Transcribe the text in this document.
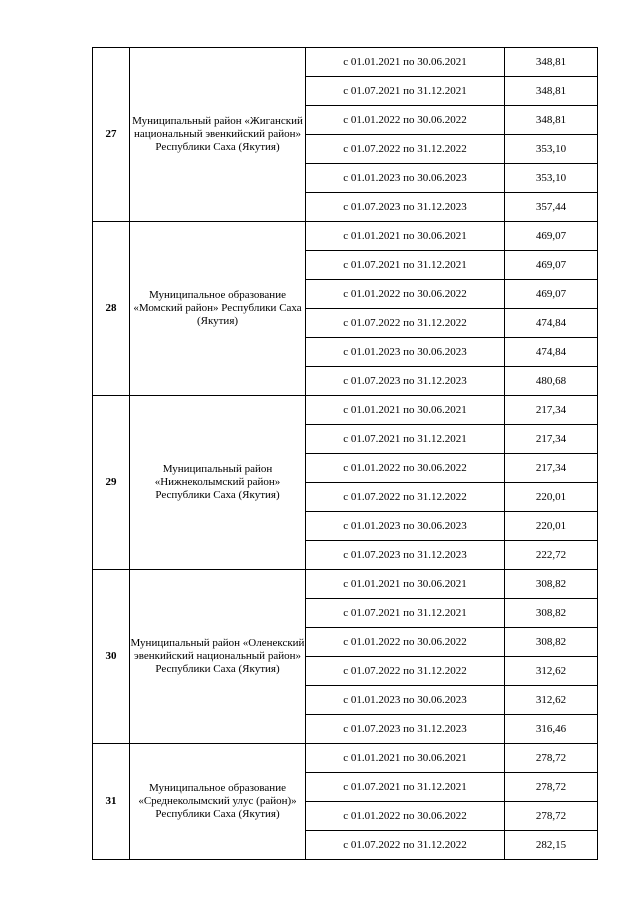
27	Муниципальный район «Жиганский национальный эвенкийский район» Республики Саха (Якутия)	с 01.01.2021 по 30.06.2021	348,81
		с 01.07.2021 по 31.12.2021	348,81
		с 01.01.2022 по 30.06.2022	348,81
		с 01.07.2022 по 31.12.2022	353,10
		с 01.01.2023 по 30.06.2023	353,10
		с 01.07.2023 по 31.12.2023	357,44
28	Муниципальное образование «Момский район» Республики Саха (Якутия)	с 01.01.2021 по 30.06.2021	469,07
		с 01.07.2021 по 31.12.2021	469,07
		с 01.01.2022 по 30.06.2022	469,07
		с 01.07.2022 по 31.12.2022	474,84
		с 01.01.2023 по 30.06.2023	474,84
		с 01.07.2023 по 31.12.2023	480,68
29	Муниципальный район «Нижнеколымский район» Республики Саха (Якутия)	с 01.01.2021 по 30.06.2021	217,34
		с 01.07.2021 по 31.12.2021	217,34
		с 01.01.2022 по 30.06.2022	217,34
		с 01.07.2022 по 31.12.2022	220,01
		с 01.01.2023 по 30.06.2023	220,01
		с 01.07.2023 по 31.12.2023	222,72
30	Муниципальный район «Оленекский эвенкийский национальный район» Республики Саха (Якутия)	с 01.01.2021 по 30.06.2021	308,82
		с 01.07.2021 по 31.12.2021	308,82
		с 01.01.2022 по 30.06.2022	308,82
		с 01.07.2022 по 31.12.2022	312,62
		с 01.01.2023 по 30.06.2023	312,62
		с 01.07.2023 по 31.12.2023	316,46
31	Муниципальное образование «Среднеколымский улус (район)» Республики Саха (Якутия)	с 01.01.2021 по 30.06.2021	278,72
		с 01.07.2021 по 31.12.2021	278,72
		с 01.01.2022 по 30.06.2022	278,72
		с 01.07.2022 по 31.12.2022	282,15
